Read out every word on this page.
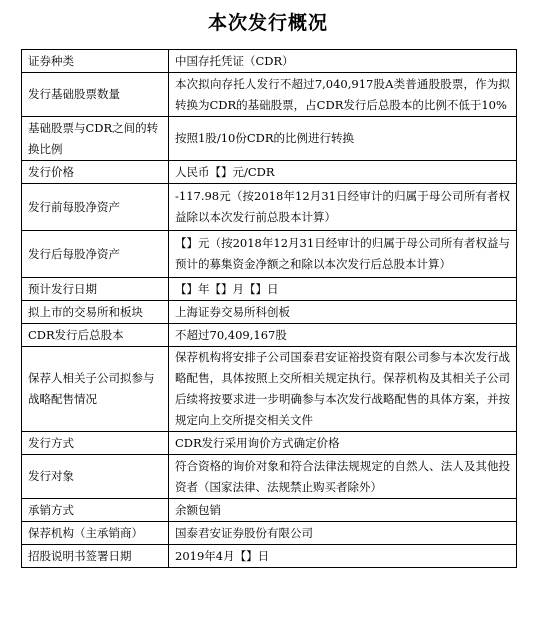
本次发行概况
证券种类	中国存托凭证（CDR）
发行基础股票数量	本次拟向存托人发行不超过7,040,917股A类普通股股票，作为拟转换为CDR的基础股票，占CDR发行后总股本的比例不低于10%
基础股票与CDR之间的转换比例	按照1股/10份CDR的比例进行转换
发行价格	人民币【】元/CDR
发行前每股净资产	-117.98元（按2018年12月31日经审计的归属于母公司所有者权益除以本次发行前总股本计算）
发行后每股净资产	【】元（按2018年12月31日经审计的归属于母公司所有者权益与预计的募集资金净额之和除以本次发行后总股本计算）
预计发行日期	【】年【】月【】日
拟上市的交易所和板块	上海证券交易所科创板
CDR发行后总股本	不超过70,409,167股
保荐人相关子公司拟参与战略配售情况	保荐机构将安排子公司国泰君安证裕投资有限公司参与本次发行战略配售，具体按照上交所相关规定执行。保荐机构及其相关子公司后续将按要求进一步明确参与本次发行战略配售的具体方案，并按规定向上交所提交相关文件
发行方式	CDR发行采用询价方式确定价格
发行对象	符合资格的询价对象和符合法律法规规定的自然人、法人及其他投资者（国家法律、法规禁止购买者除外）
承销方式	余额包销
保荐机构（主承销商）	国泰君安证券股份有限公司
招股说明书签署日期	2019年4月【】日
